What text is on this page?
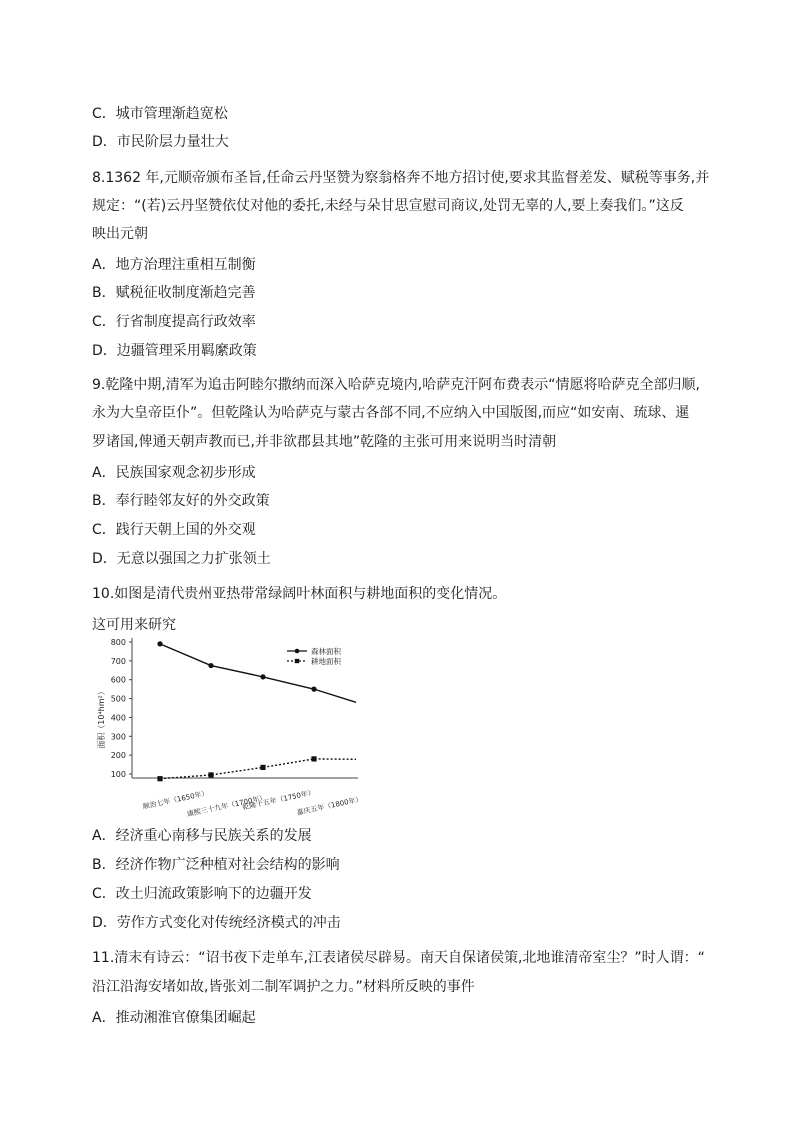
C．城市管理渐趋宽松
D．市民阶层力量壮大
8.1362 年,元顺帝颁布圣旨,任命云丹坚赞为察翁格奔不地方招讨使,要求其监督差发、赋税等事务,并
规定：“(若)云丹坚赞依仗对他的委托,未经与朵甘思宣慰司商议,处罚无辜的人,要上奏我们。”这反
映出元朝
A．地方治理注重相互制衡
B．赋税征收制度渐趋完善
C．行省制度提高行政效率
D．边疆管理采用羁縻政策
9.乾隆中期,清军为追击阿睦尔撒纳而深入哈萨克境内,哈萨克汗阿布费表示“情愿将哈萨克全部归顺,
永为大皇帝臣仆”。但乾隆认为哈萨克与蒙古各部不同,不应纳入中国版图,而应“如安南、琉球、暹
罗诸国,俾通天朝声教而已,并非欲郡县其地”乾隆的主张可用来说明当时清朝
A．民族国家观念初步形成
B．奉行睦邻友好的外交政策
C．践行天朝上国的外交观
D．无意以强国之力扩张领土
10.如图是清代贵州亚热带常绿阔叶林面积与耕地面积的变化情况。
这可用来研究
A．经济重心南移与民族关系的发展
B．经济作物广泛种植对社会结构的影响
C．改土归流政策影响下的边疆开发
D．劳作方式变化对传统经济模式的冲击
11.清末有诗云：“诏书夜下走单车,江表诸侯尽辟易。南天自保诸侯策,北地谁清帝室尘？”时人谓：“
沿江沿海安堵如故,皆张刘二制军调护之力。”材料所反映的事件
A．推动湘淮官僚集团崛起
100
200
300
400
500
600
700
800
面积（10⁴hm²）
顺治七年（1650年）
康熙三十九年（1700年）
乾隆十五年（1750年）
嘉庆五年（1800年）
森林面积
耕地面积
